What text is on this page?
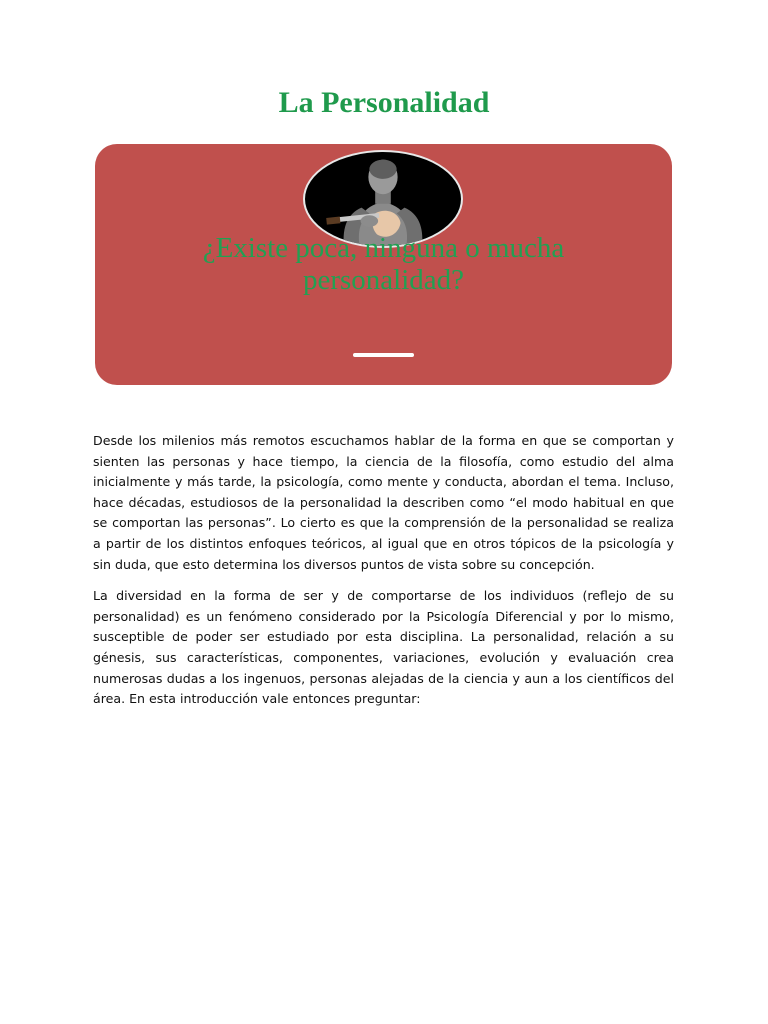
La Personalidad

¿Existe poca, ninguna o mucha personalidad?

Desde los milenios más remotos escuchamos hablar de la forma en que se comportan y sienten las personas y hace tiempo, la ciencia de la filosofía, como estudio del alma inicialmente y más tarde, la psicología, como mente y conducta, abordan el tema. Incluso, hace décadas, estudiosos de la personalidad la describen como “el modo habitual en que se comportan las personas”. Lo cierto es que la comprensión de la personalidad se realiza a partir de los distintos enfoques teóricos, al igual que en otros tópicos de la psicología y sin duda, que esto determina los diversos puntos de vista sobre su concepción.

La diversidad en la forma de ser y de comportarse de los individuos (reflejo de su personalidad) es un fenómeno considerado por la Psicología Diferencial y por lo mismo, susceptible de poder ser estudiado por esta disciplina. La personalidad, relación a su génesis, sus características, componentes, variaciones, evolución y evaluación crea numerosas dudas a los ingenuos, personas alejadas de la ciencia y aun a los científicos del área. En esta introducción vale entonces preguntar:
